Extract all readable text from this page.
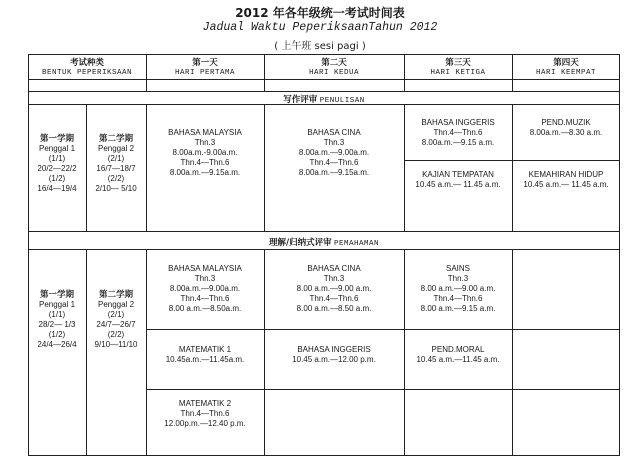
2012 年各年级统一考试时间表
Jadual Waktu PeperiksaanTahun 2012
( 上午班 sesi pagi )
考试种类
BENTUK PEPERIKSAAN
第一天
HARI PERTAMA
第二天
HARI KEDUA
第三天
HARI KETIGA
第四天
HARI KEEMPAT
写作评审 PENULISAN
第一学期
Penggal 1
(1/1)
20/2—22/2
(1/2)
16/4—19/4
第二学期
Penggal 2
(2/1)
16/7—18/7
(2/2)
2/10— 5/10
BAHASA MALAYSIA
Thn.3
8.00a.m.-9.00a.m.
Thn.4—Thn.6
8.00a.m.—9.15a.m.
BAHASA CINA
Thn.3
8.00a.m.—9.00a.m.
Thn.4—Thn.6
8.00a.m.—9.15a.m.
BAHASA INGGERIS
Thn.4—Thn.6
8.00a.m.—9.15 a.m.
KAJIAN TEMPATAN
10.45 a.m.— 11.45 a.m.
PEND.MUZIK
8.00a.m.—8.30 a.m.
KEMAHIRAN HIDUP
10.45 a.m.— 11.45 a.m.
理解/归纳式评审 PEMAHAMAN
第一学期
Penggal 1
(1/1)
28/2— 1/3
(1/2)
24/4—26/4
第二学期
Penggal 2
(2/1)
24/7—26/7
(2/2)
9/10—11/10
BAHASA MALAYSIA
Thn.3
8.00a.m.—9.00a.m.
Thn.4—Thn.6
8.00 a.m.—8.50a.m.
MATEMATIK 1
10.45a.m.—11.45a.m.
MATEMATIK 2
Thn.4—Thn.6
12.00p.m.—12.40 p.m.
BAHASA CINA
Thn.3
8.00 a.m.—9.00 a.m.
Thn.4—Thn.6
8.00 a.m.—8.50 a.m.
BAHASA INGGERIS
10.45 a.m.—12.00 p.m.
SAINS
Thn.3
8.00 a.m.—9.00 a.m.
Thn.4—Thn.6
8.00 a.m.—9.15 a.m.
PEND.MORAL
10.45 a.m.—11.45 a.m.
